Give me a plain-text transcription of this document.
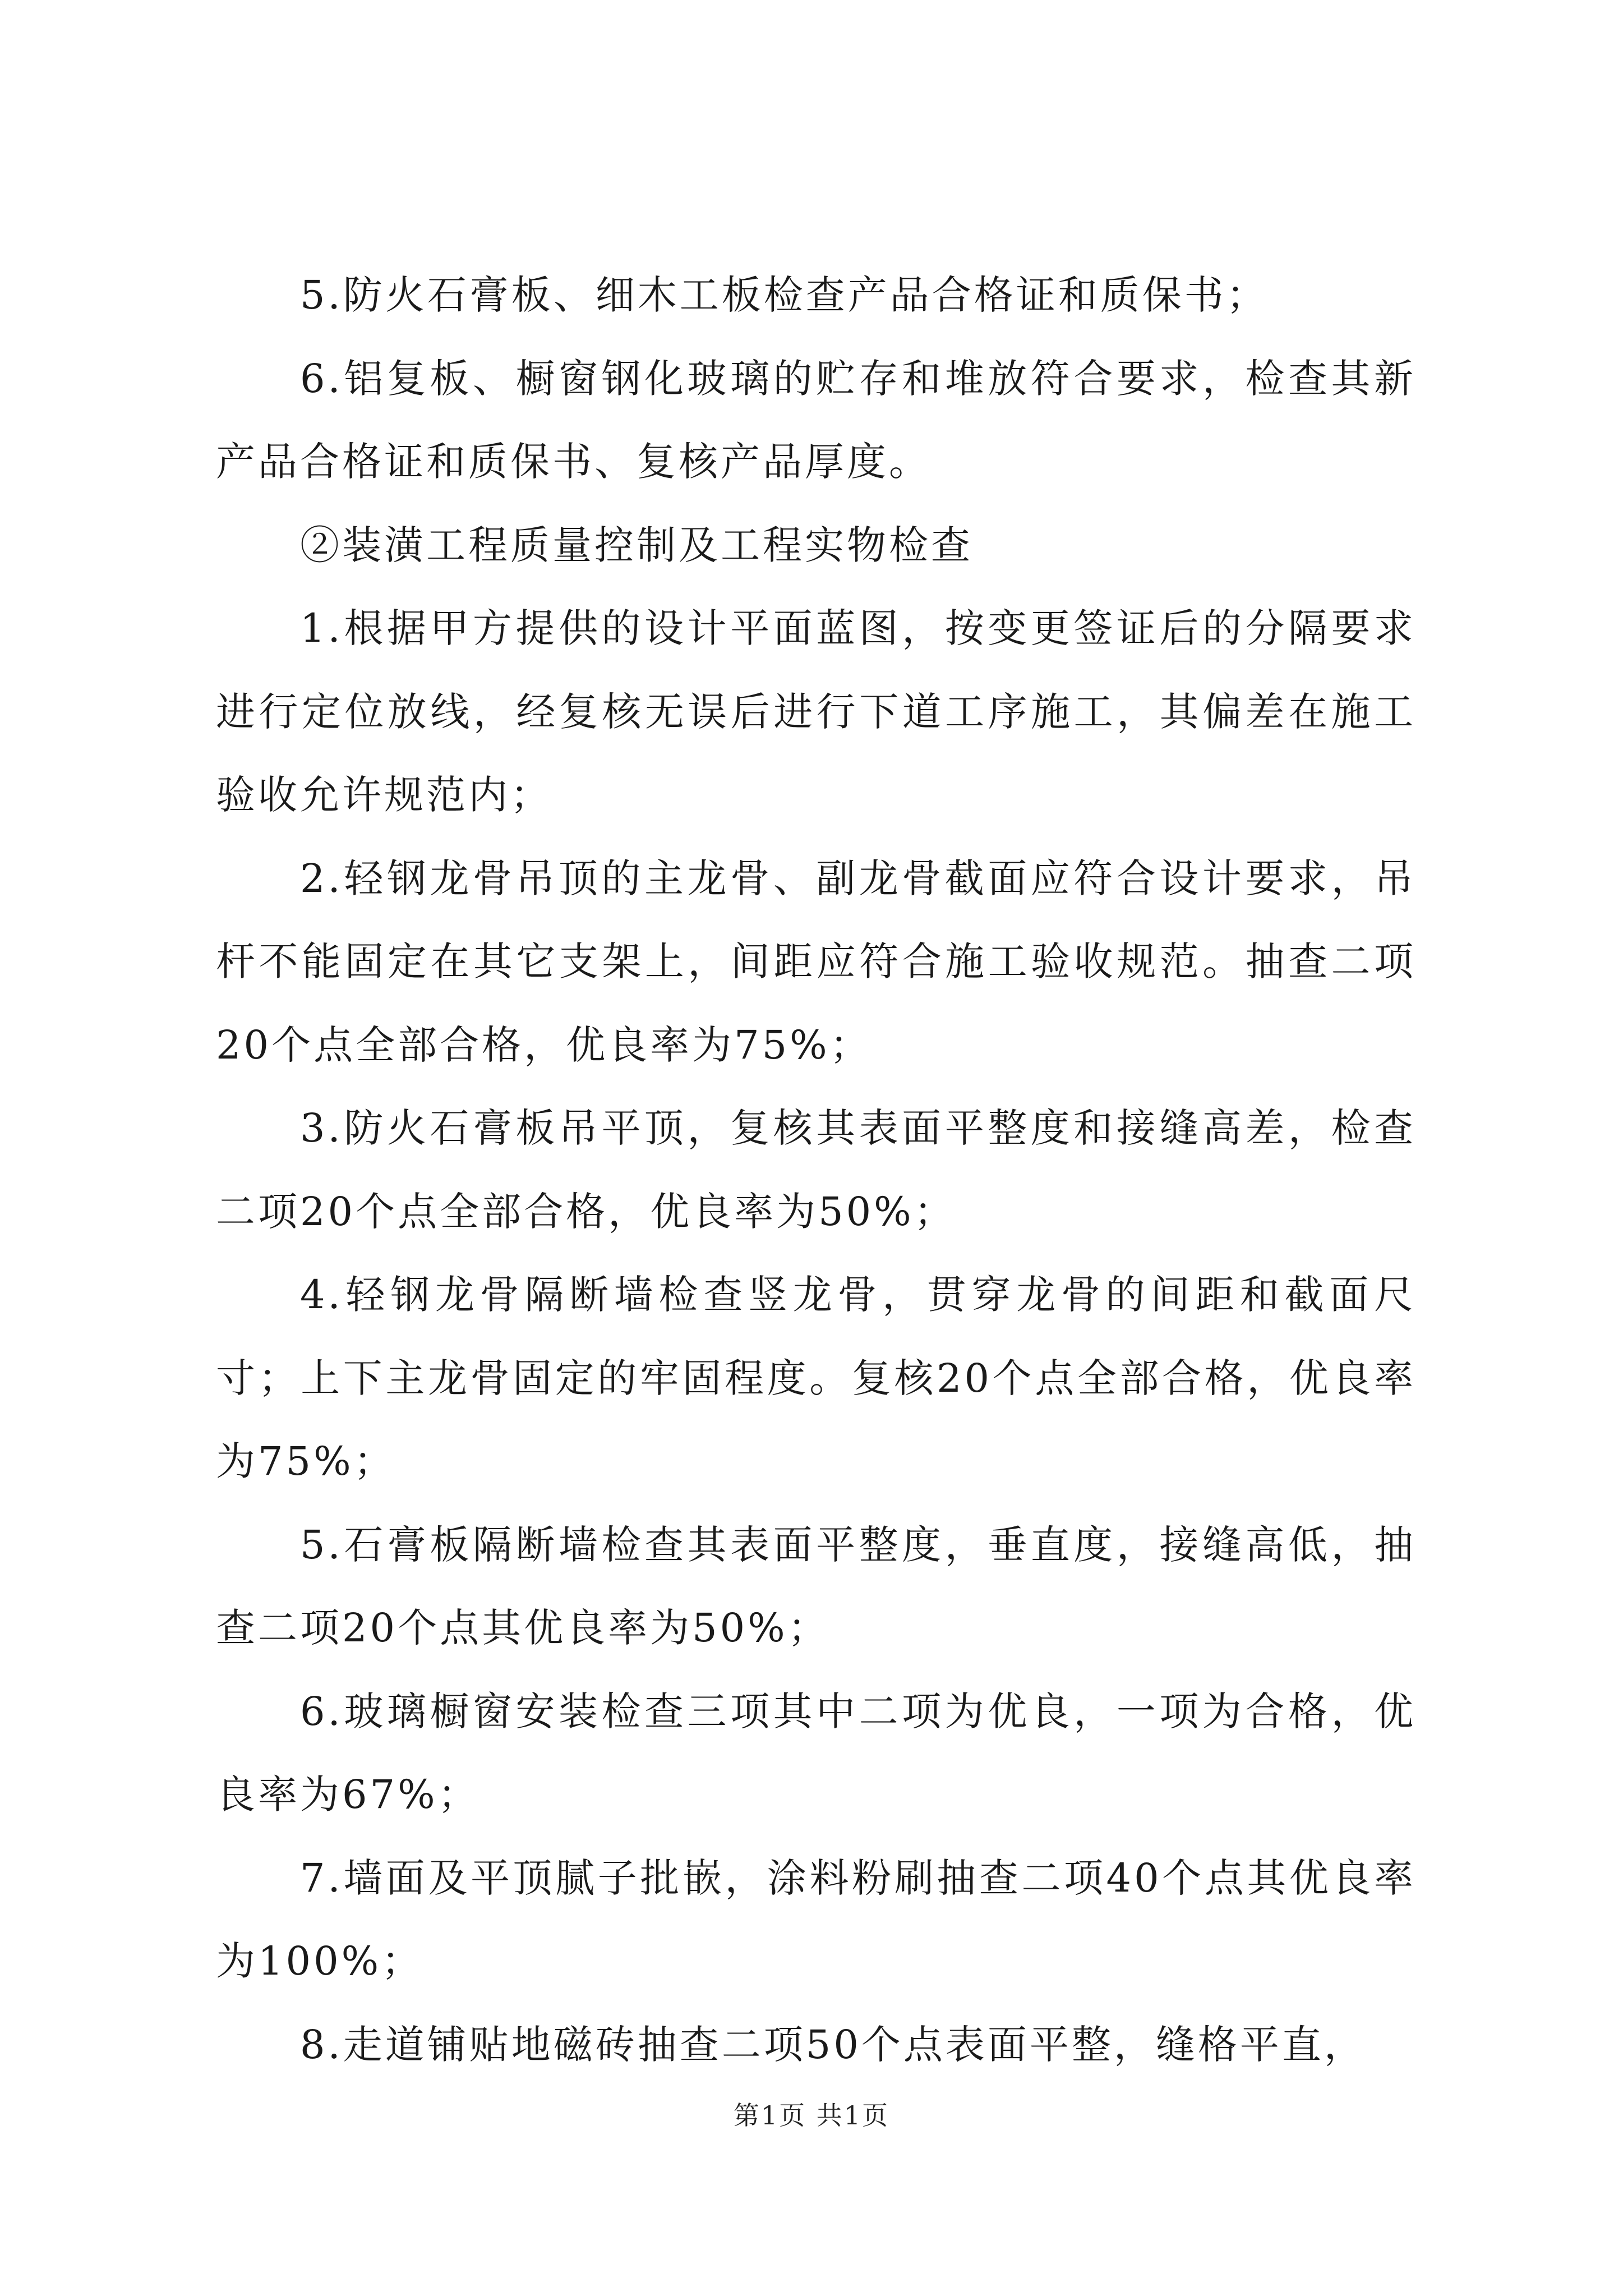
5.防火石膏板、细木工板检查产品合格证和质保书；

6.铝复板、橱窗钢化玻璃的贮存和堆放符合要求，检查其新产品合格证和质保书、复核产品厚度。

②装潢工程质量控制及工程实物检查

1.根据甲方提供的设计平面蓝图，按变更签证后的分隔要求进行定位放线，经复核无误后进行下道工序施工，其偏差在施工验收允许规范内；

2.轻钢龙骨吊顶的主龙骨、副龙骨截面应符合设计要求，吊杆不能固定在其它支架上，间距应符合施工验收规范。抽查二项20个点全部合格，优良率为75%；

3.防火石膏板吊平顶，复核其表面平整度和接缝高差，检查二项20个点全部合格，优良率为50%；

4.轻钢龙骨隔断墙检查竖龙骨，贯穿龙骨的间距和截面尺寸；上下主龙骨固定的牢固程度。复核20个点全部合格，优良率为75%；

5.石膏板隔断墙检查其表面平整度，垂直度，接缝高低，抽查二项20个点其优良率为50%；

6.玻璃橱窗安装检查三项其中二项为优良，一项为合格，优良率为67%；

7.墙面及平顶腻子批嵌，涂料粉刷抽查二项40个点其优良率为100%；

8.走道铺贴地磁砖抽查二项50个点表面平整，缝格平直，

第1页 共1页
